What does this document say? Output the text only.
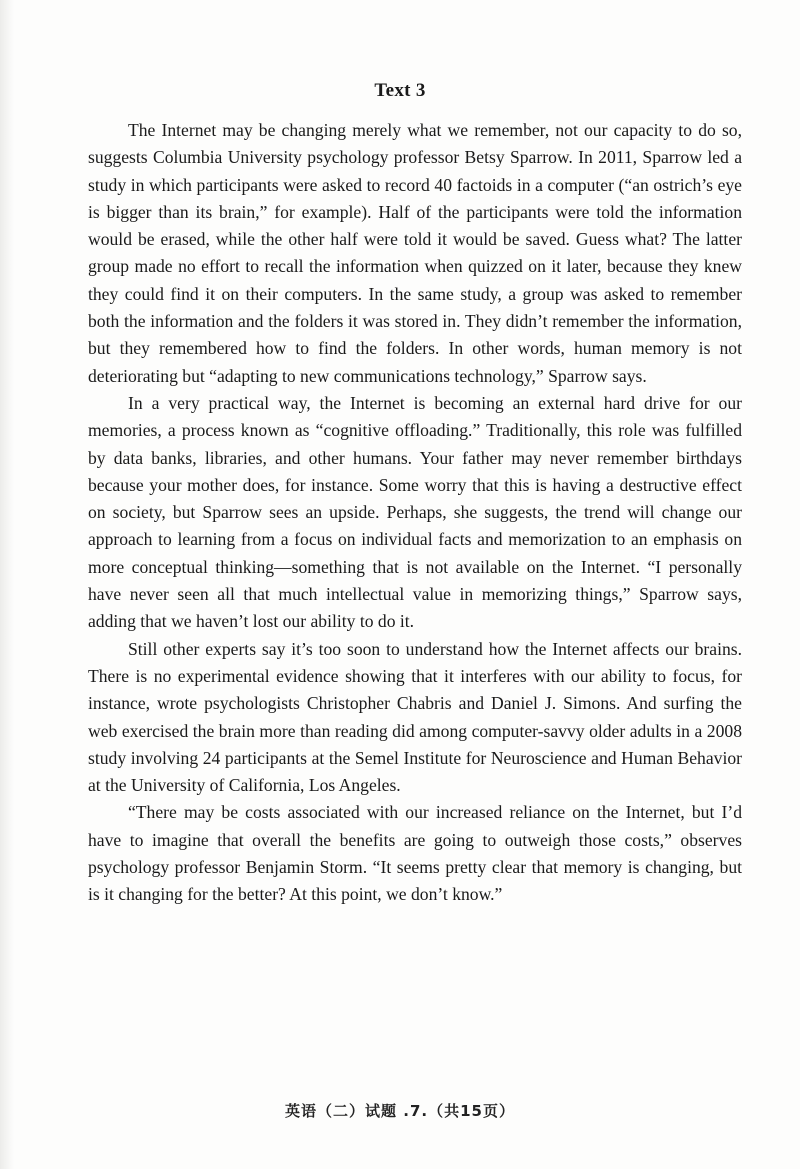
Text 3

The Internet may be changing merely what we remember, not our capacity to do so, suggests Columbia University psychology professor Betsy Sparrow. In 2011, Sparrow led a study in which participants were asked to record 40 factoids in a computer (“an ostrich’s eye is bigger than its brain,” for example). Half of the participants were told the information would be erased, while the other half were told it would be saved. Guess what? The latter group made no effort to recall the information when quizzed on it later, because they knew they could find it on their computers. In the same study, a group was asked to remember both the information and the folders it was stored in. They didn’t remember the information, but they remembered how to find the folders. In other words, human memory is not deteriorating but “adapting to new communications technology,” Sparrow says.

In a very practical way, the Internet is becoming an external hard drive for our memories, a process known as “cognitive offloading.” Traditionally, this role was fulfilled by data banks, libraries, and other humans. Your father may never remember birthdays because your mother does, for instance. Some worry that this is having a destructive effect on society, but Sparrow sees an upside. Perhaps, she suggests, the trend will change our approach to learning from a focus on individual facts and memorization to an emphasis on more conceptual thinking—something that is not available on the Internet. “I personally have never seen all that much intellectual value in memorizing things,” Sparrow says, adding that we haven’t lost our ability to do it.

Still other experts say it’s too soon to understand how the Internet affects our brains. There is no experimental evidence showing that it interferes with our ability to focus, for instance, wrote psychologists Christopher Chabris and Daniel J. Simons. And surfing the web exercised the brain more than reading did among computer-savvy older adults in a 2008 study involving 24 participants at the Semel Institute for Neuroscience and Human Behavior at the University of California, Los Angeles.

“There may be costs associated with our increased reliance on the Internet, but I’d have to imagine that overall the benefits are going to outweigh those costs,” observes psychology professor Benjamin Storm. “It seems pretty clear that memory is changing, but is it changing for the better? At this point, we don’t know.”

英语（二）试题 .7.（共15页）
